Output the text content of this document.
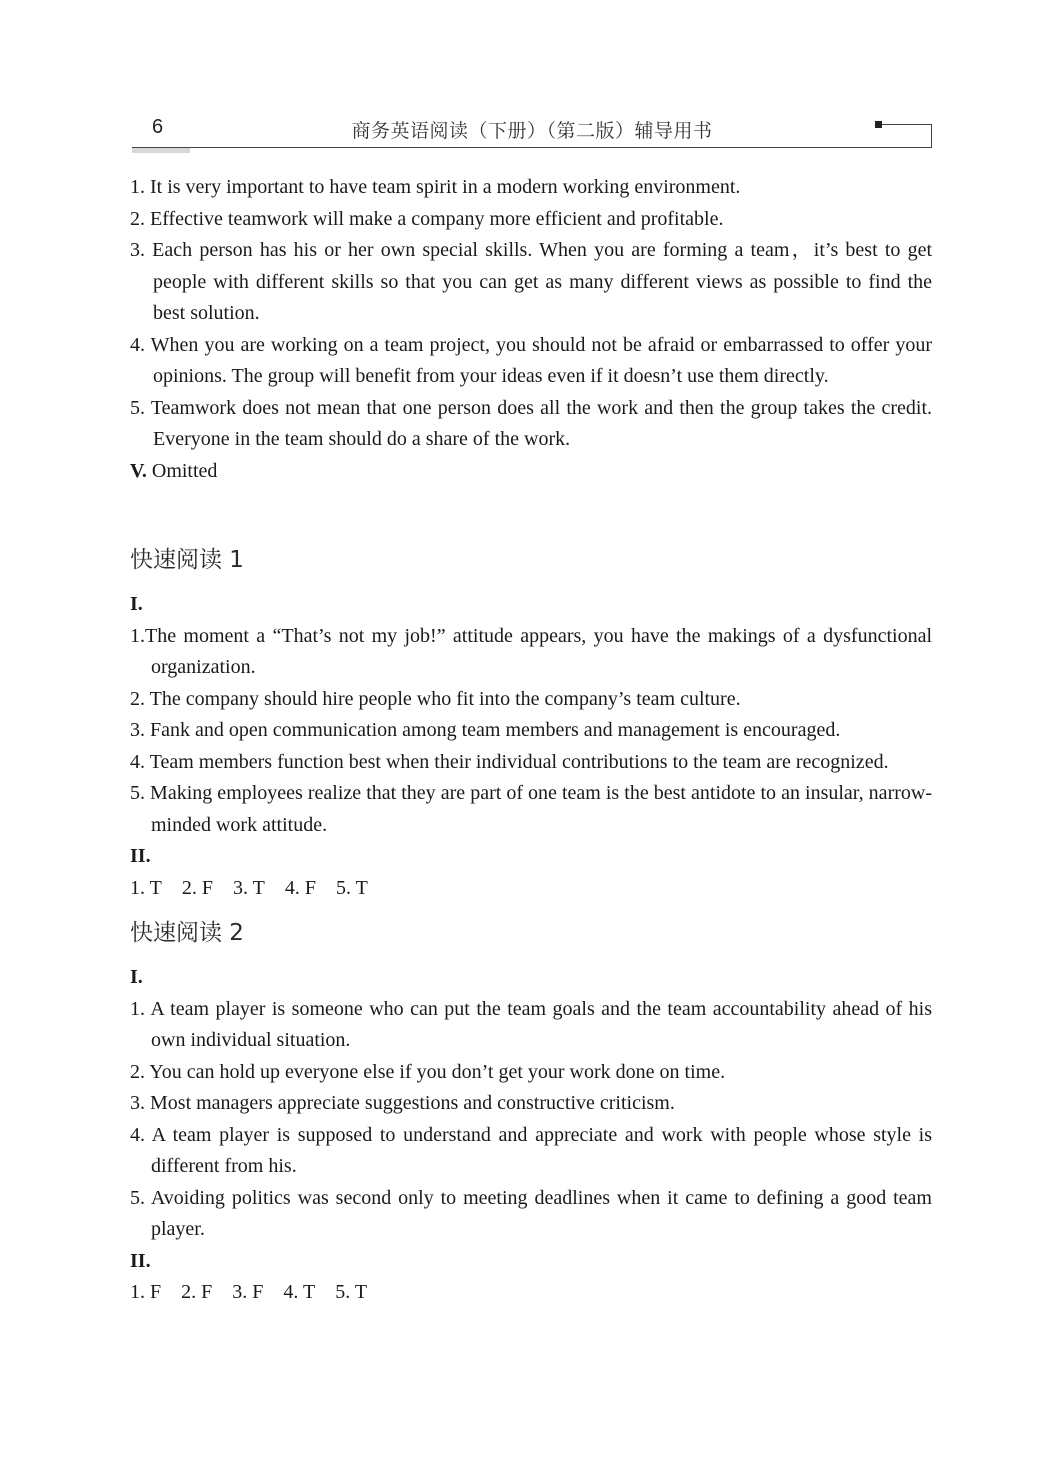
6	商务英语阅读（下册）（第二版）辅导用书
1. It is very important to have team spirit in a modern working environment.
2. Effective teamwork will make a company more efficient and profitable.
3. Each person has his or her own special skills. When you are forming a team，it’s best to get people with different skills so that you can get as many different views as possible to find the best solution.
4. When you are working on a team project, you should not be afraid or embarrassed to offer your opinions. The group will benefit from your ideas even if it doesn’t use them directly.
5. Teamwork does not mean that one person does all the work and then the group takes the credit. Everyone in the team should do a share of the work.
V. Omitted
快速阅读 1
I.
1.The moment a “That’s not my job!” attitude appears, you have the makings of a dysfunctional organization.
2. The company should hire people who fit into the company’s team culture.
3. Fank and open communication among team members and management is encouraged.
4. Team members function best when their individual contributions to the team are recognized.
5. Making employees realize that they are part of one team is the best antidote to an insular, narrow-minded work attitude.
II.
1. T 2. F 3. T 4. F 5. T
快速阅读 2
I.
1. A team player is someone who can put the team goals and the team accountability ahead of his own individual situation.
2. You can hold up everyone else if you don’t get your work done on time.
3. Most managers appreciate suggestions and constructive criticism.
4. A team player is supposed to understand and appreciate and work with people whose style is different from his.
5. Avoiding politics was second only to meeting deadlines when it came to defining a good team player.
II.
1. F 2. F 3. F 4. T 5. T
